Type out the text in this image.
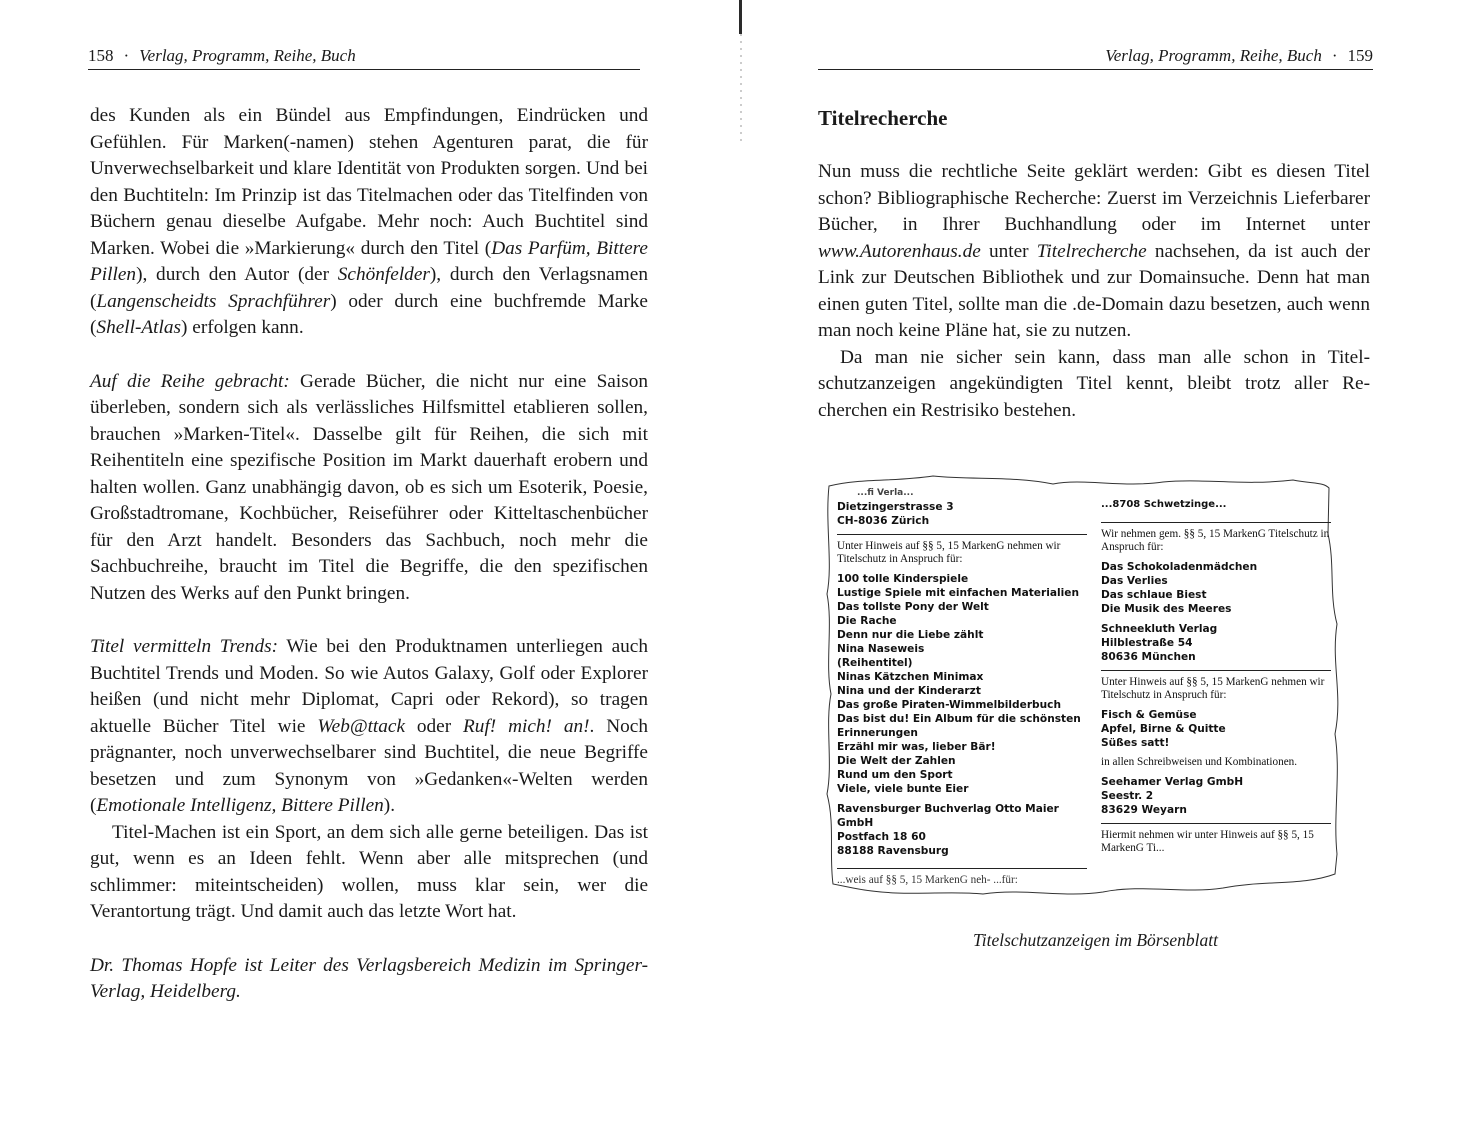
158 · Verlag, Programm, Reihe, Buch

des Kunden als ein Bündel aus Empfindungen, Eindrücken und Gefühlen. Für Marken(-namen) stehen Agenturen parat, die für Unverwechselbarkeit und klare Identität von Produkten sorgen. Und bei den Buchtiteln: Im Prinzip ist das Titelmachen oder das Titelfinden von Büchern genau dieselbe Aufgabe. Mehr noch: Auch Buchtitel sind Marken. Wobei die »Markierung« durch den Titel (Das Parfüm, Bittere Pillen), durch den Autor (der Schönfelder), durch den Verlagsnamen (Langenscheidts Sprachführer) oder durch eine buchfremde Marke (Shell-Atlas) erfolgen kann.

Auf die Reihe gebracht: Gerade Bücher, die nicht nur eine Saison überleben, sondern sich als verlässliches Hilfsmittel etablieren sollen, brauchen »Marken-Titel«. Dasselbe gilt für Reihen, die sich mit Reihentiteln eine spezifische Position im Markt dauerhaft erobern und halten wollen. Ganz unabhängig davon, ob es sich um Esoterik, Poesie, Großstadtromane, Kochbücher, Reiseführer oder Kitteltaschenbücher für den Arzt handelt. Besonders das Sachbuch, noch mehr die Sachbuchreihe, braucht im Titel die Begriffe, die den spezifischen Nutzen des Werks auf den Punkt bringen.

Titel vermitteln Trends: Wie bei den Produktnamen unterliegen auch Buchtitel Trends und Moden. So wie Autos Galaxy, Golf oder Explorer heißen (und nicht mehr Diplomat, Capri oder Rekord), so tragen aktuelle Bücher Titel wie Web@ttack oder Ruf! mich! an!. Noch prägnanter, noch unverwechselbarer sind Buchtitel, die neue Begriffe besetzen und zum Synonym von »Gedanken«-Welten werden (Emotionale Intelligenz, Bittere Pillen).

Titel-Machen ist ein Sport, an dem sich alle gerne beteiligen. Das ist gut, wenn es an Ideen fehlt. Wenn aber alle mitsprechen (und schlimmer: miteintscheiden) wollen, muss klar sein, wer die Verantortung trägt. Und damit auch das letzte Wort hat.

Dr. Thomas Hopfe ist Leiter des Verlagsbereich Medizin im Springer-Verlag, Heidelberg.

Verlag, Programm, Reihe, Buch · 159
Titelrecherche

Nun muss die rechtliche Seite geklärt werden: Gibt es diesen Titel schon? Bibliographische Recherche: Zuerst im Verzeichnis Lieferbarer Bücher, in Ihrer Buchhandlung oder im Internet unter www.Autorenhaus.de unter Titelrecherche nachsehen, da ist auch der Link zur Deutschen Bibliothek und zur Domainsuche. Denn hat man einen guten Titel, sollte man die .de-Domain dazu besetzen, auch wenn man noch keine Pläne hat, sie zu nutzen.

Da man nie sicher sein kann, dass man alle schon in Titelschutzanzeigen angekündigten Titel kennt, bleibt trotz aller Recherchen ein Restrisiko bestehen.

...fi Verla...
Dietzingerstrasse 3
CH-8036 Zürich
Unter Hinweis auf §§ 5, 15 MarkenG nehmen wir Titelschutz in Anspruch für:
100 tolle Kinderspiele
Lustige Spiele mit einfachen Materialien
Das tollste Pony der Welt
Die Rache
Denn nur die Liebe zählt
Nina Naseweis
(Reihentitel)
Ninas Kätzchen Minimax
Nina und der Kinderarzt
Das große Piraten-Wimmelbilderbuch
Das bist du! Ein Album für die schönsten Erinnerungen
Erzähl mir was, lieber Bär!
Die Welt der Zahlen
Rund um den Sport
Viele, viele bunte Eier
Ravensburger Buchverlag Otto Maier GmbH
Postfach 18 60
88188 Ravensburg
...weis auf §§ 5, 15 MarkenG neh- ...für:
...8708 Schwetzinge...
Wir nehmen gem. §§ 5, 15 MarkenG Titelschutz in Anspruch für:
Das Schokoladenmädchen
Das Verlies
Das schlaue Biest
Die Musik des Meeres
Schneekluth Verlag
Hilblestraße 54
80636 München
Unter Hinweis auf §§ 5, 15 MarkenG nehmen wir Titelschutz in Anspruch für:
Fisch & Gemüse
Apfel, Birne & Quitte
Süßes satt!
in allen Schreibweisen und Kombinationen.
Seehamer Verlag GmbH
Seestr. 2
83629 Weyarn
Hiermit nehmen wir unter Hinweis auf §§ 5, 15 MarkenG Ti...
Titelschutzanzeigen im Börsenblatt
